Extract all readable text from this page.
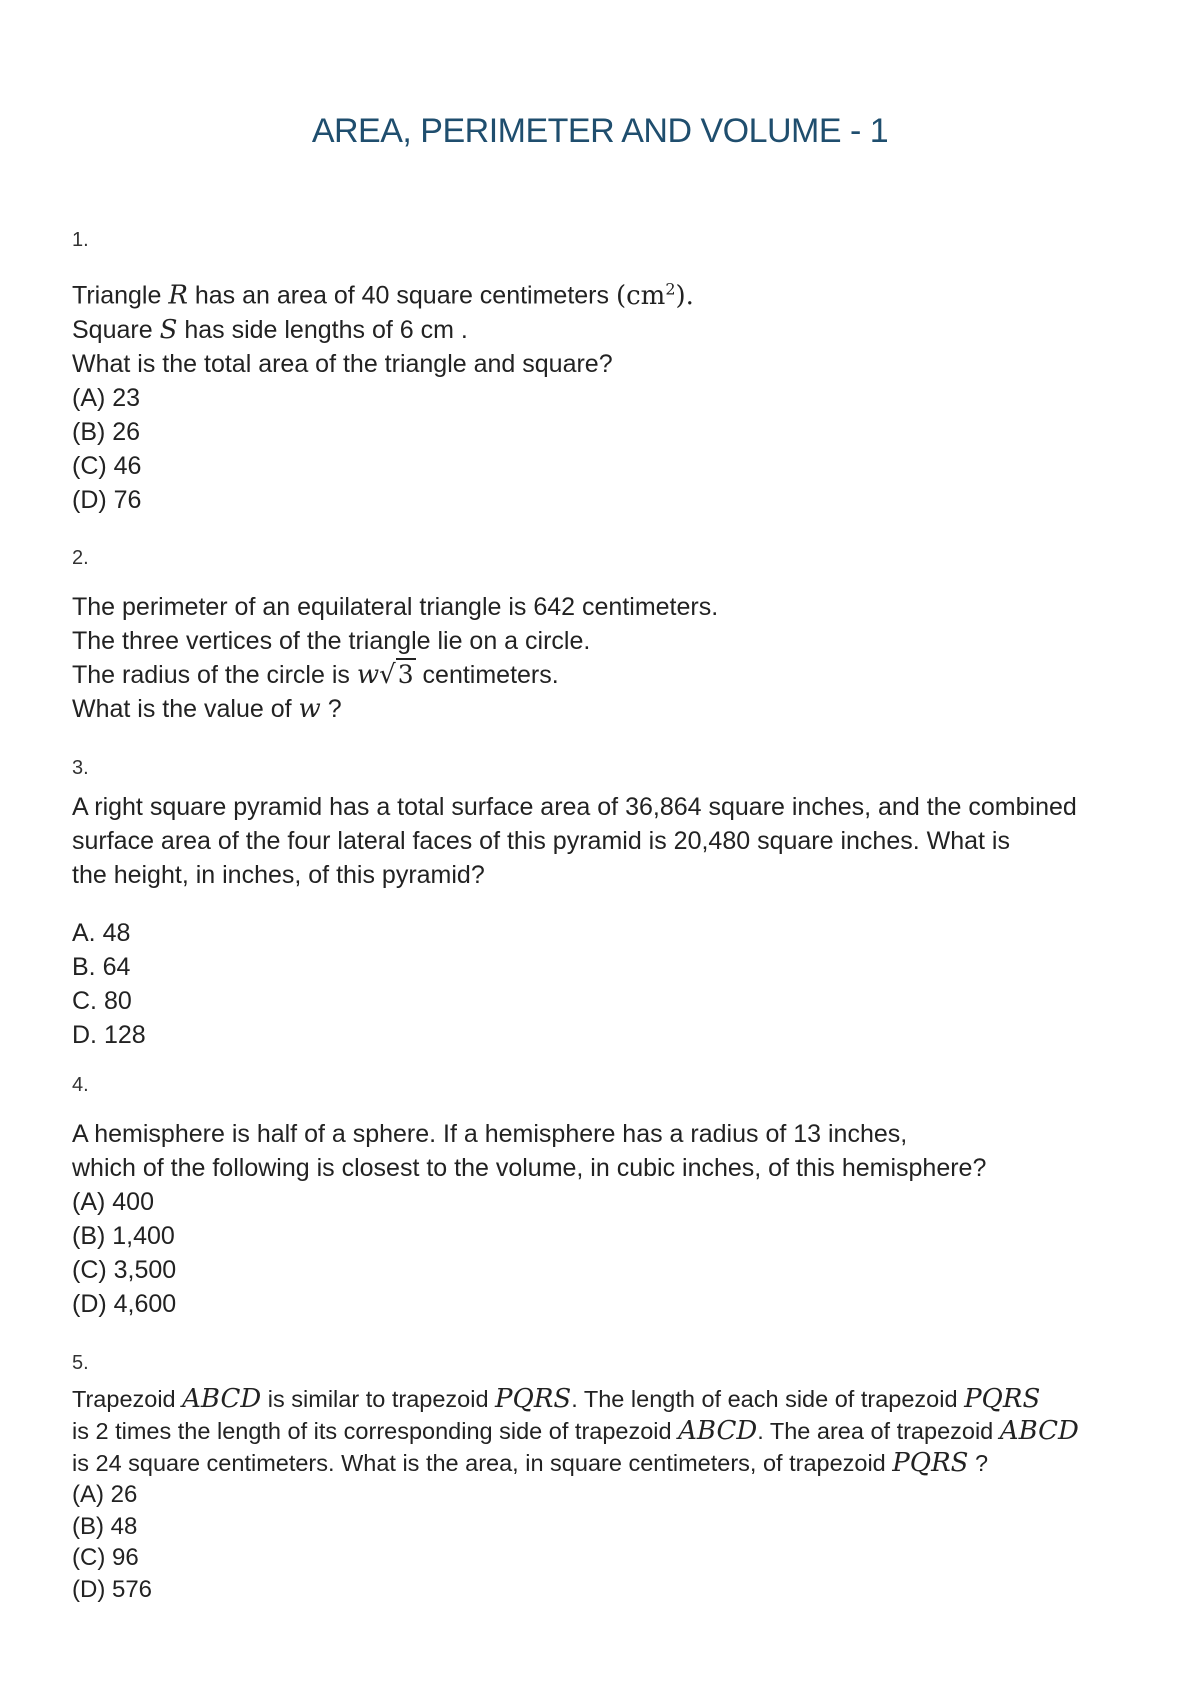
AREA, PERIMETER AND VOLUME - 1

1.

Triangle R has an area of 40 square centimeters $(cm^2)$.

Square S has side lengths of 6 cm .

What is the total area of the triangle and square?

(A) 23

(B) 26

(C) 46

(D) 76

2.

The perimeter of an equilateral triangle is 642 centimeters.

The three vertices of the triangle lie on a circle.

The radius of the circle is w√3 centimeters.

What is the value of w ?

3.

A right square pyramid has a total surface area of 36,864 square inches, and the combined

surface area of the four lateral faces of this pyramid is 20,480 square inches. What is

the height, in inches, of this pyramid?

A. 48

B. 64

C. 80

D. 128

4.

A hemisphere is half of a sphere. If a hemisphere has a radius of 13 inches,

which of the following is closest to the volume, in cubic inches, of this hemisphere?

(A) 400

(B) 1,400

(C) 3,500

(D) 4,600

5.

Trapezoid ABCD is similar to trapezoid PQRS. The length of each side of trapezoid PQRS

is 2 times the length of its corresponding side of trapezoid ABCD. The area of trapezoid ABCD

is 24 square centimeters. What is the area, in square centimeters, of trapezoid PQRS ?

(A) 26

(B) 48

(C) 96

(D) 576
